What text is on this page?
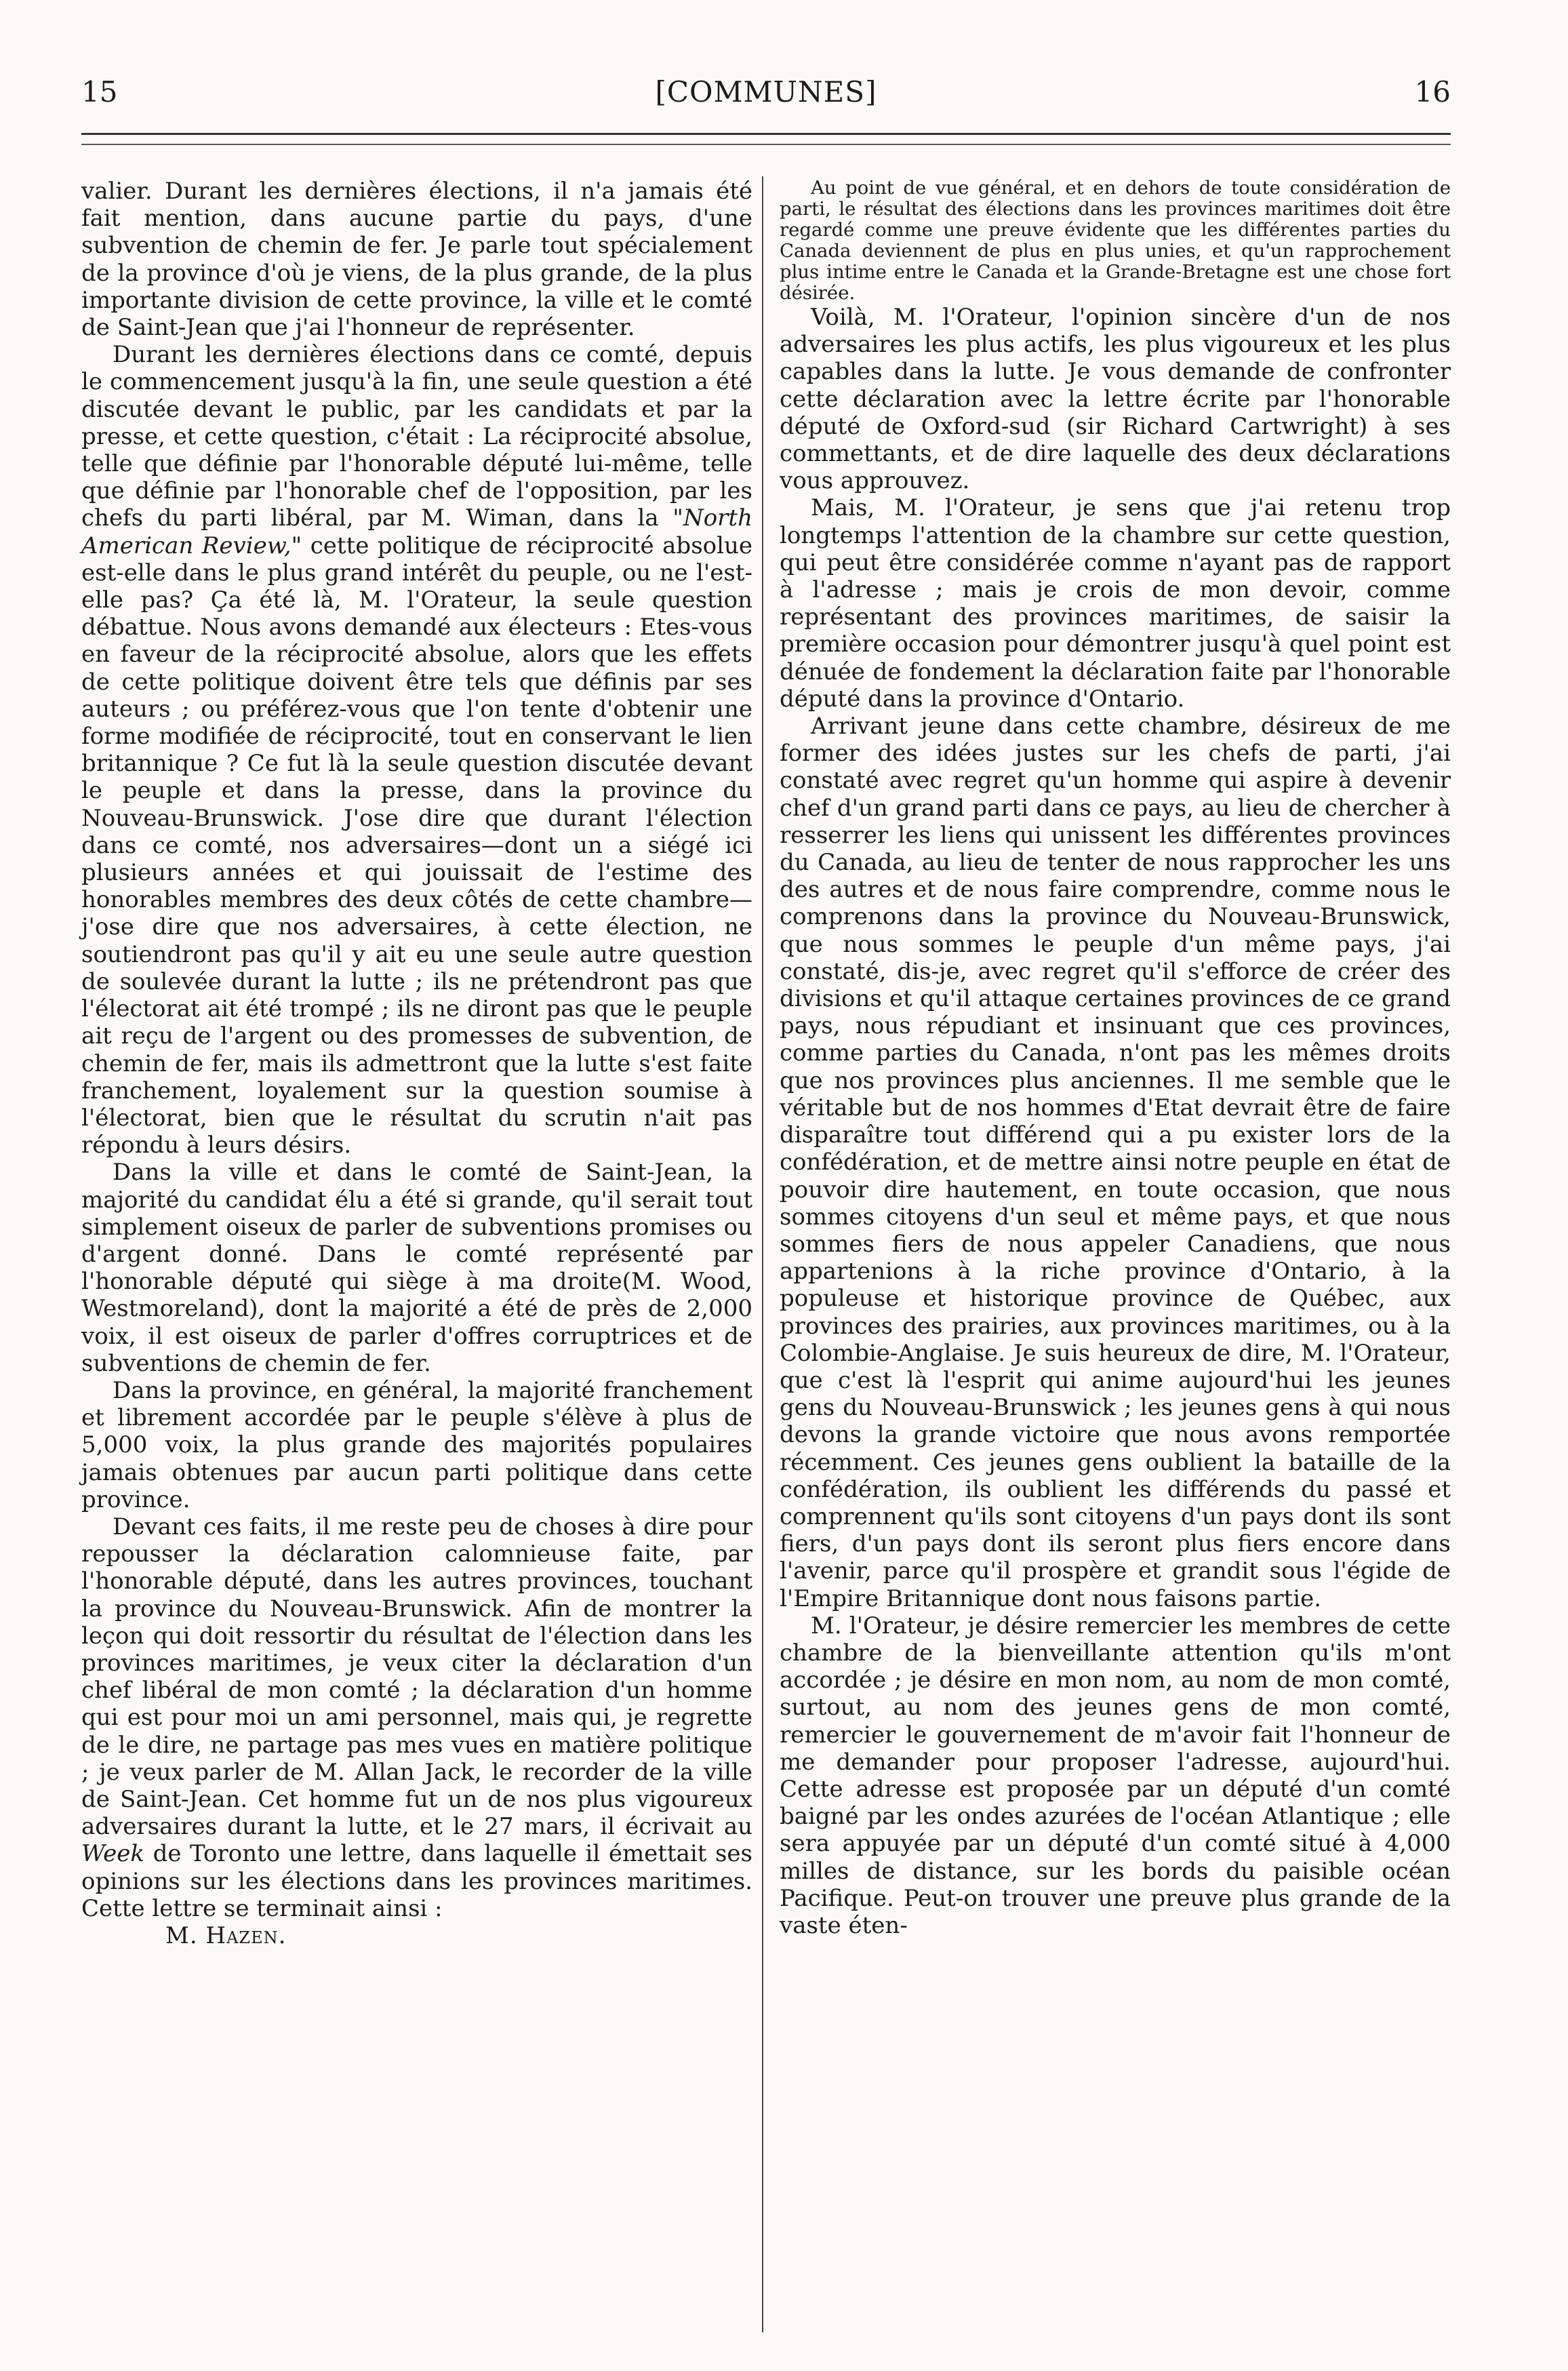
15	[COMMUNES]	16

valier. Durant les dernières élections, il n'a jamais été fait mention, dans aucune partie du pays, d'une subvention de chemin de fer. Je parle tout spécialement de la province d'où je viens, de la plus grande, de la plus importante division de cette province, la ville et le comté de Saint-Jean que j'ai l'honneur de représenter.

Durant les dernières élections dans ce comté, depuis le commencement jusqu'à la fin, une seule question a été discutée devant le public, par les candidats et par la presse, et cette question, c'était : La réciprocité absolue, telle que définie par l'honorable député lui-même, telle que définie par l'honorable chef de l'opposition, par les chefs du parti libéral, par M. Wiman, dans la "North American Review," cette politique de réciprocité absolue est-elle dans le plus grand intérêt du peuple, ou ne l'est-elle pas? Ça été là, M. l'Orateur, la seule question débattue. Nous avons demandé aux électeurs : Etes-vous en faveur de la réciprocité absolue, alors que les effets de cette politique doivent être tels que définis par ses auteurs ; ou préférez-vous que l'on tente d'obtenir une forme modifiée de réciprocité, tout en conservant le lien britannique ? Ce fut là la seule question discutée devant le peuple et dans la presse, dans la province du Nouveau-Brunswick. J'ose dire que durant l'élection dans ce comté, nos adversaires—dont un a siégé ici plusieurs années et qui jouissait de l'estime des honorables membres des deux côtés de cette chambre—j'ose dire que nos adversaires, à cette élection, ne soutiendront pas qu'il y ait eu une seule autre question de soulevée durant la lutte ; ils ne prétendront pas que l'électorat ait été trompé ; ils ne diront pas que le peuple ait reçu de l'argent ou des promesses de subvention, de chemin de fer, mais ils admettront que la lutte s'est faite franchement, loyalement sur la question soumise à l'électorat, bien que le résultat du scrutin n'ait pas répondu à leurs désirs.

Dans la ville et dans le comté de Saint-Jean, la majorité du candidat élu a été si grande, qu'il serait tout simplement oiseux de parler de subventions promises ou d'argent donné. Dans le comté représenté par l'honorable député qui siège à ma droite(M. Wood, Westmoreland), dont la majorité a été de près de 2,000 voix, il est oiseux de parler d'offres corruptrices et de subventions de chemin de fer.

Dans la province, en général, la majorité franchement et librement accordée par le peuple s'élève à plus de 5,000 voix, la plus grande des majorités populaires jamais obtenues par aucun parti politique dans cette province.

Devant ces faits, il me reste peu de choses à dire pour repousser la déclaration calomnieuse faite, par l'honorable député, dans les autres provinces, touchant la province du Nouveau-Brunswick. Afin de montrer la leçon qui doit ressortir du résultat de l'élection dans les provinces maritimes, je veux citer la déclaration d'un chef libéral de mon comté ; la déclaration d'un homme qui est pour moi un ami personnel, mais qui, je regrette de le dire, ne partage pas mes vues en matière politique ; je veux parler de M. Allan Jack, le recorder de la ville de Saint-Jean. Cet homme fut un de nos plus vigoureux adversaires durant la lutte, et le 27 mars, il écrivait au Week de Toronto une lettre, dans laquelle il émettait ses opinions sur les élections dans les provinces maritimes. Cette lettre se terminait ainsi :

M. Hazen.

Au point de vue général, et en dehors de toute considération de parti, le résultat des élections dans les provinces maritimes doit être regardé comme une preuve évidente que les différentes parties du Canada deviennent de plus en plus unies, et qu'un rapprochement plus intime entre le Canada et la Grande-Bretagne est une chose fort désirée.

Voilà, M. l'Orateur, l'opinion sincère d'un de nos adversaires les plus actifs, les plus vigoureux et les plus capables dans la lutte. Je vous demande de confronter cette déclaration avec la lettre écrite par l'honorable député de Oxford-sud (sir Richard Cartwright) à ses commettants, et de dire laquelle des deux déclarations vous approuvez.

Mais, M. l'Orateur, je sens que j'ai retenu trop longtemps l'attention de la chambre sur cette question, qui peut être considérée comme n'ayant pas de rapport à l'adresse ; mais je crois de mon devoir, comme représentant des provinces maritimes, de saisir la première occasion pour démontrer jusqu'à quel point est dénuée de fondement la déclaration faite par l'honorable député dans la province d'Ontario.

Arrivant jeune dans cette chambre, désireux de me former des idées justes sur les chefs de parti, j'ai constaté avec regret qu'un homme qui aspire à devenir chef d'un grand parti dans ce pays, au lieu de chercher à resserrer les liens qui unissent les différentes provinces du Canada, au lieu de tenter de nous rapprocher les uns des autres et de nous faire comprendre, comme nous le comprenons dans la province du Nouveau-Brunswick, que nous sommes le peuple d'un même pays, j'ai constaté, dis-je, avec regret qu'il s'efforce de créer des divisions et qu'il attaque certaines provinces de ce grand pays, nous répudiant et insinuant que ces provinces, comme parties du Canada, n'ont pas les mêmes droits que nos provinces plus anciennes. Il me semble que le véritable but de nos hommes d'Etat devrait être de faire disparaître tout différend qui a pu exister lors de la confédération, et de mettre ainsi notre peuple en état de pouvoir dire hautement, en toute occasion, que nous sommes citoyens d'un seul et même pays, et que nous sommes fiers de nous appeler Canadiens, que nous appartenions à la riche province d'Ontario, à la populeuse et historique province de Québec, aux provinces des prairies, aux provinces maritimes, ou à la Colombie-Anglaise. Je suis heureux de dire, M. l'Orateur, que c'est là l'esprit qui anime aujourd'hui les jeunes gens du Nouveau-Brunswick ; les jeunes gens à qui nous devons la grande victoire que nous avons remportée récemment. Ces jeunes gens oublient la bataille de la confédération, ils oublient les différends du passé et comprennent qu'ils sont citoyens d'un pays dont ils sont fiers, d'un pays dont ils seront plus fiers encore dans l'avenir, parce qu'il prospère et grandit sous l'égide de l'Empire Britannique dont nous faisons partie.

M. l'Orateur, je désire remercier les membres de cette chambre de la bienveillante attention qu'ils m'ont accordée ; je désire en mon nom, au nom de mon comté, surtout, au nom des jeunes gens de mon comté, remercier le gouvernement de m'avoir fait l'honneur de me demander pour proposer l'adresse, aujourd'hui. Cette adresse est proposée par un député d'un comté baigné par les ondes azurées de l'océan Atlantique ; elle sera appuyée par un député d'un comté situé à 4,000 milles de distance, sur les bords du paisible océan Pacifique. Peut-on trouver une preuve plus grande de la vaste éten-
